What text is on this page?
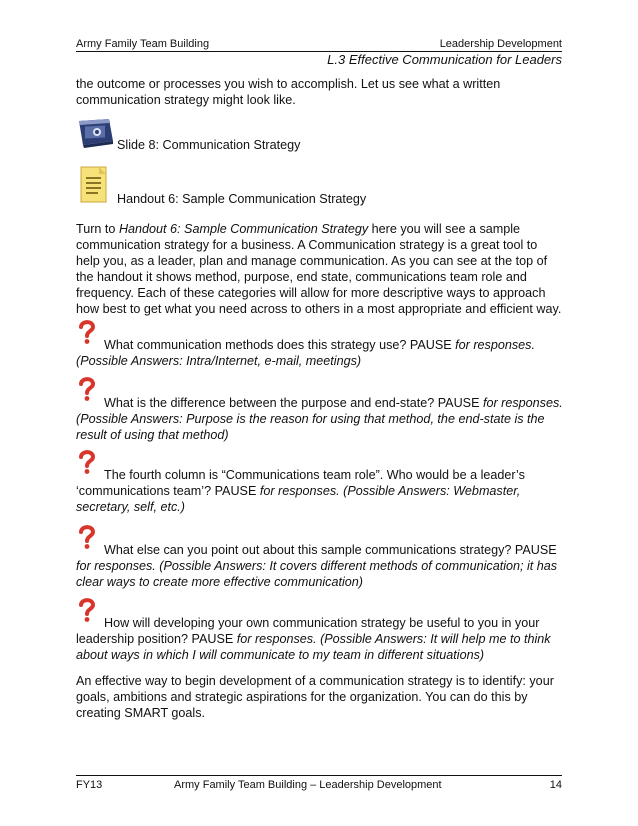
Army Family Team Building	Leadership Development
L.3 Effective Communication for Leaders
the outcome or processes you wish to accomplish. Let us see what a written
communication strategy might look like.
Slide 8: Communication Strategy
Handout 6: Sample Communication Strategy
Turn to Handout 6: Sample Communication Strategy here you will see a sample
communication strategy for a business. A Communication strategy is a great tool to
help you, as a leader, plan and manage communication. As you can see at the top of
the handout it shows method, purpose, end state, communications team role and
frequency. Each of these categories will allow for more descriptive ways to approach
how best to get what you need across to others in a most appropriate and efficient way.
What communication methods does this strategy use? PAUSE for responses.
(Possible Answers: Intra/Internet, e-mail, meetings)
What is the difference between the purpose and end-state? PAUSE for responses.
(Possible Answers: Purpose is the reason for using that method, the end-state is the
result of using that method)
The fourth column is “Communications team role”. Who would be a leader’s
‘communications team’? PAUSE for responses. (Possible Answers: Webmaster,
secretary, self, etc.)
What else can you point out about this sample communications strategy? PAUSE
for responses. (Possible Answers: It covers different methods of communication; it has
clear ways to create more effective communication)
How will developing your own communication strategy be useful to you in your
leadership position? PAUSE for responses. (Possible Answers: It will help me to think
about ways in which I will communicate to my team in different situations)
An effective way to begin development of a communication strategy is to identify: your
goals, ambitions and strategic aspirations for the organization. You can do this by
creating SMART goals.
FY13	Army Family Team Building – Leadership Development	14
